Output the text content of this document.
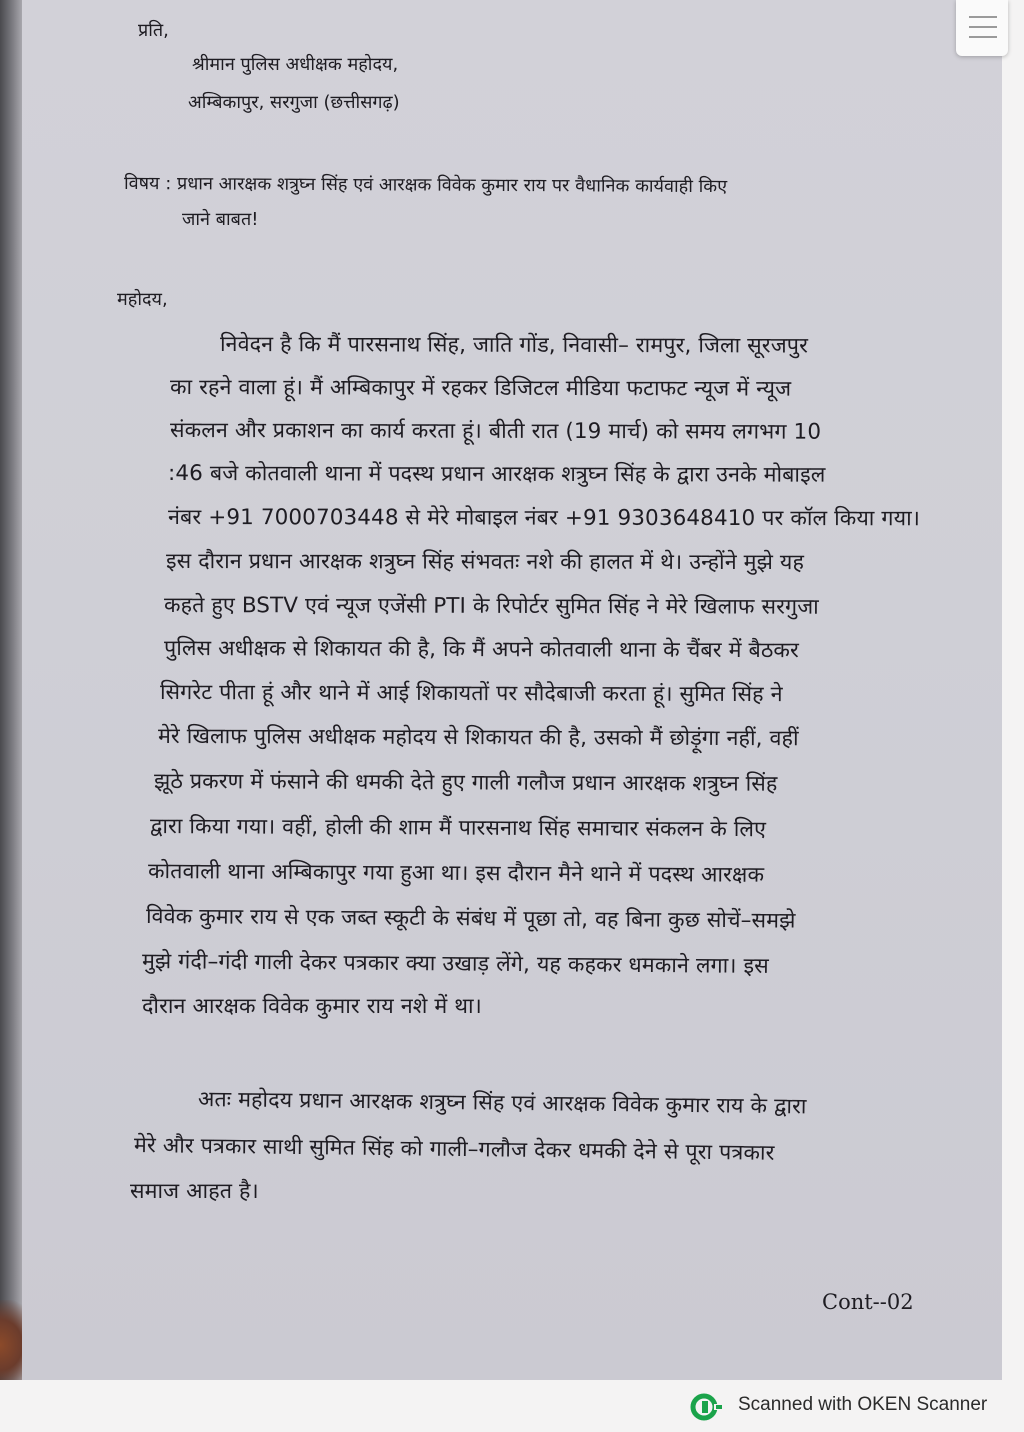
प्रति,
श्रीमान पुलिस अधीक्षक महोदय,
अम्बिकापुर, सरगुजा (छत्तीसगढ़)
विषय : प्रधान आरक्षक शत्रुघ्न सिंह एवं आरक्षक विवेक कुमार राय पर वैधानिक कार्यवाही किए
जाने बाबत!
महोदय,
निवेदन है कि मैं पारसनाथ सिंह, जाति गोंड, निवासी– रामपुर, जिला सूरजपुर
का रहने वाला हूं। मैं अम्बिकापुर में रहकर डिजिटल मीडिया फटाफट न्यूज में न्यूज
संकलन और प्रकाशन का कार्य करता हूं। बीती रात (19 मार्च) को समय लगभग 10
:46 बजे कोतवाली थाना में पदस्थ प्रधान आरक्षक शत्रुघ्न सिंह के द्वारा उनके मोबाइल
नंबर +91 7000703448 से मेरे मोबाइल नंबर +91 9303648410 पर कॉल किया गया।
इस दौरान प्रधान आरक्षक शत्रुघ्न सिंह संभवतः नशे की हालत में थे। उन्होंने मुझे यह
कहते हुए BSTV एवं न्यूज एजेंसी PTI के रिपोर्टर सुमित सिंह ने मेरे खिलाफ सरगुजा
पुलिस अधीक्षक से शिकायत की है, कि मैं अपने कोतवाली थाना के चैंबर में बैठकर
सिगरेट पीता हूं और थाने में आई शिकायतों पर सौदेबाजी करता हूं। सुमित सिंह ने
मेरे खिलाफ पुलिस अधीक्षक महोदय से शिकायत की है, उसको मैं छोड़ूंगा नहीं, वहीं
झूठे प्रकरण में फंसाने की धमकी देते हुए गाली गलौज प्रधान आरक्षक शत्रुघ्न सिंह
द्वारा किया गया। वहीं, होली की शाम मैं पारसनाथ सिंह समाचार संकलन के लिए
कोतवाली थाना अम्बिकापुर गया हुआ था। इस दौरान मैने थाने में पदस्थ आरक्षक
विवेक कुमार राय से एक जब्त स्कूटी के संबंध में पूछा तो, वह बिना कुछ सोचें–समझे
मुझे गंदी–गंदी गाली देकर पत्रकार क्या उखाड़ लेंगे, यह कहकर धमकाने लगा। इस
दौरान आरक्षक विवेक कुमार राय नशे में था।
अतः महोदय प्रधान आरक्षक शत्रुघ्न सिंह एवं आरक्षक विवेक कुमार राय के द्वारा
मेरे और पत्रकार साथी सुमित सिंह को गाली–गलौज देकर धमकी देने से पूरा पत्रकार
समाज आहत है।
Cont--02
Scanned with OKEN Scanner
